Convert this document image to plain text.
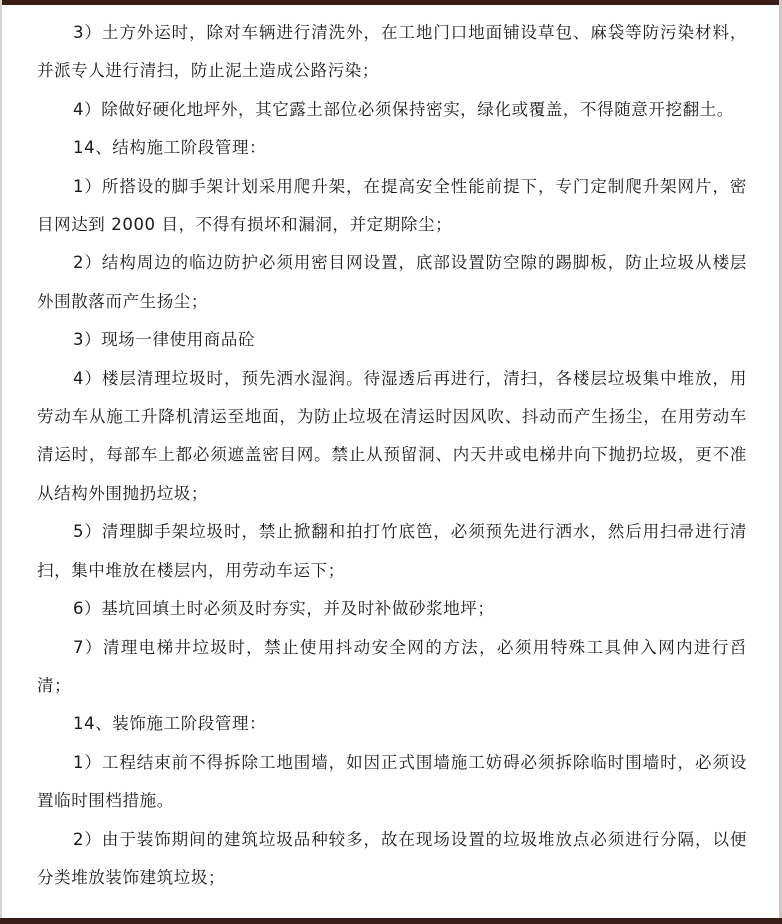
3）土方外运时，除对车辆进行清洗外，在工地门口地面铺设草包、麻袋等防污染材料，并派专人进行清扫，防止泥土造成公路污染；

4）除做好硬化地坪外，其它露土部位必须保持密实，绿化或覆盖，不得随意开挖翻土。

14、结构施工阶段管理：

1）所搭设的脚手架计划采用爬升架，在提高安全性能前提下，专门定制爬升架网片，密目网达到 2000 目，不得有损坏和漏洞，并定期除尘；

2）结构周边的临边防护必须用密目网设置，底部设置防空隙的踢脚板，防止垃圾从楼层外围散落而产生扬尘；

3）现场一律使用商品砼

4）楼层清理垃圾时，预先洒水湿润。待湿透后再进行，清扫，各楼层垃圾集中堆放，用劳动车从施工升降机清运至地面，为防止垃圾在清运时因风吹、抖动而产生扬尘，在用劳动车清运时，每部车上都必须遮盖密目网。禁止从预留洞、内天井或电梯井向下抛扔垃圾，更不准从结构外围抛扔垃圾；

5）清理脚手架垃圾时，禁止掀翻和拍打竹底笆，必须预先进行洒水，然后用扫帚进行清扫，集中堆放在楼层内，用劳动车运下；

6）基坑回填土时必须及时夯实，并及时补做砂浆地坪；

7）清理电梯井垃圾时，禁止使用抖动安全网的方法，必须用特殊工具伸入网内进行舀清；

14、装饰施工阶段管理：

1）工程结束前不得拆除工地围墙，如因正式围墙施工妨碍必须拆除临时围墙时，必须设置临时围档措施。

2）由于装饰期间的建筑垃圾品种较多，故在现场设置的垃圾堆放点必须进行分隔，以便分类堆放装饰建筑垃圾；
